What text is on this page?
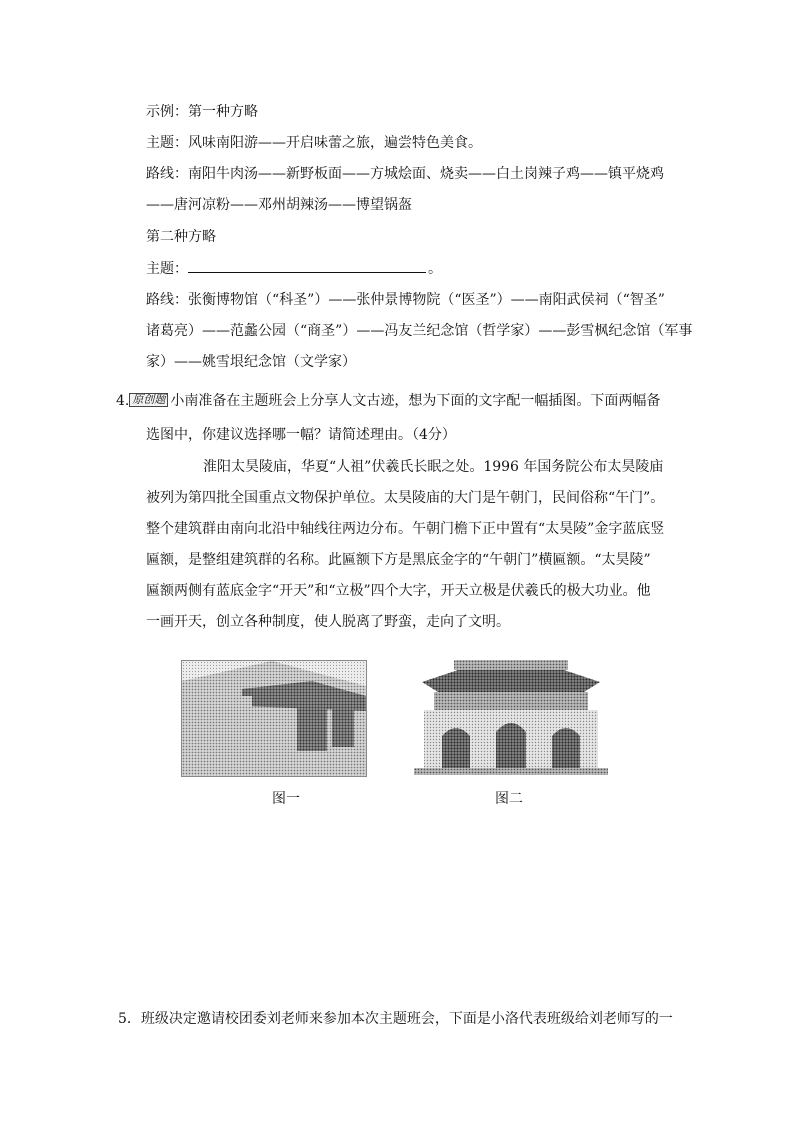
示例：第一种方略
主题：风味南阳游——开启味蕾之旅，遍尝特色美食。
路线：南阳牛肉汤——新野板面——方城烩面、烧卖——白土岗辣子鸡——镇平烧鸡
——唐河凉粉——邓州胡辣汤——博望锅盔
第二种方略
主题：	。
路线：张衡博物馆（“科圣”）——张仲景博物院（“医圣”）——南阳武侯祠（“智圣”
诸葛亮）——范蠡公园（“商圣”）——冯友兰纪念馆（哲学家）——彭雪枫纪念馆（军事
家）——姚雪垠纪念馆（文学家）
4. 原创题 小南准备在主题班会上分享人文古迹，想为下面的文字配一幅插图。下面两幅备
选图中，你建议选择哪一幅？请简述理由。（4分）
淮阳太昊陵庙，华夏“人祖”伏羲氏长眠之处。1996 年国务院公布太昊陵庙
被列为第四批全国重点文物保护单位。太昊陵庙的大门是午朝门，民间俗称“午门”。
整个建筑群由南向北沿中轴线往两边分布。午朝门檐下正中置有“太昊陵”金字蓝底竖
匾额，是整组建筑群的名称。此匾额下方是黑底金字的“午朝门”横匾额。“太昊陵”
匾额两侧有蓝底金字“开天”和“立极”四个大字，开天立极是伏羲氏的极大功业。他
一画开天，创立各种制度，使人脱离了野蛮，走向了文明。
图一	图二
5．班级决定邀请校团委刘老师来参加本次主题班会，下面是小洛代表班级给刘老师写的一
